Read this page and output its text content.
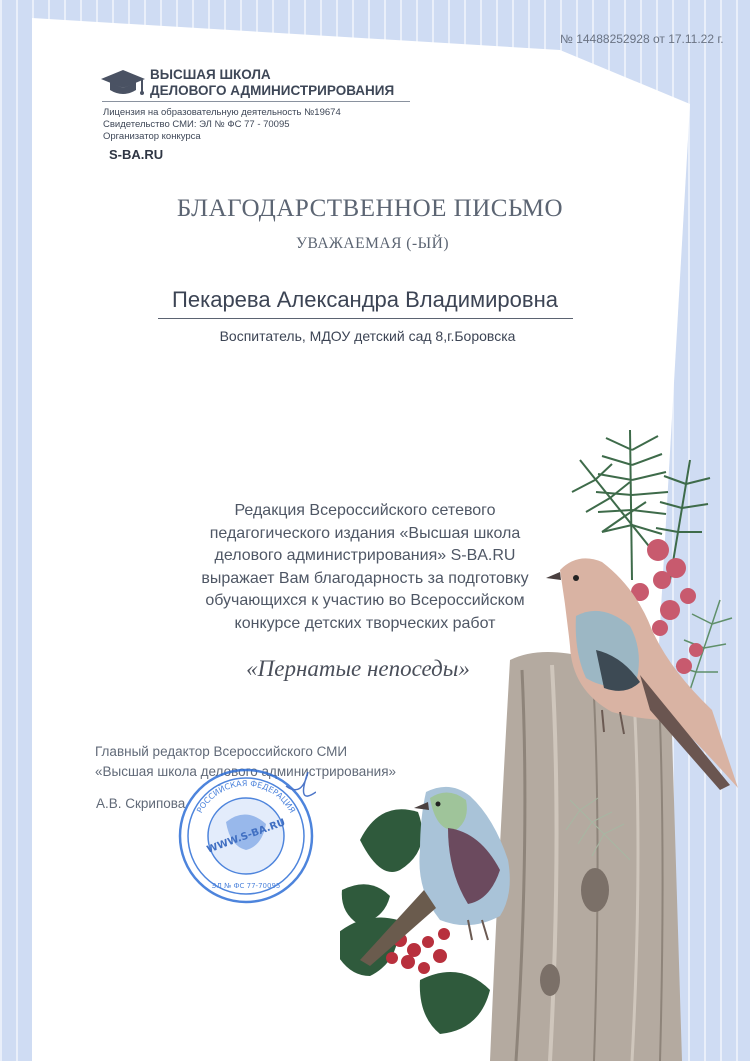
№ 14488252928 от 17.11.22 г.
ВЫСШАЯ ШКОЛА
ДЕЛОВОГО АДМИНИСТРИРОВАНИЯ
Лицензия на образовательную деятельность №19674
Свидетельство СМИ: ЭЛ № ФС 77 - 70095
Организатор конкурса
S-BA.RU
БЛАГОДАРСТВЕННОЕ ПИСЬМО
УВАЖАЕМАЯ (-ЫЙ)
Пекарева Александра Владимировна
Воспитатель, МДОУ детский сад 8,г.Боровска
Редакция Всероссийского сетевого
педагогического издания «Высшая школа
делового администрирования» S-BA.RU
выражает Вам благодарность за подготовку
обучающихся к участию во Всероссийском
конкурсе детских творческих работ
«Пернатые непоседы»
Главный редактор Всероссийского СМИ
«Высшая школа делового администрирования»
А.В. Скрипова РОССИЙСКАЯ ФЕДЕРАЦИЯ
WWW.S-BA.RU
ЭЛ № ФС 77-70095
